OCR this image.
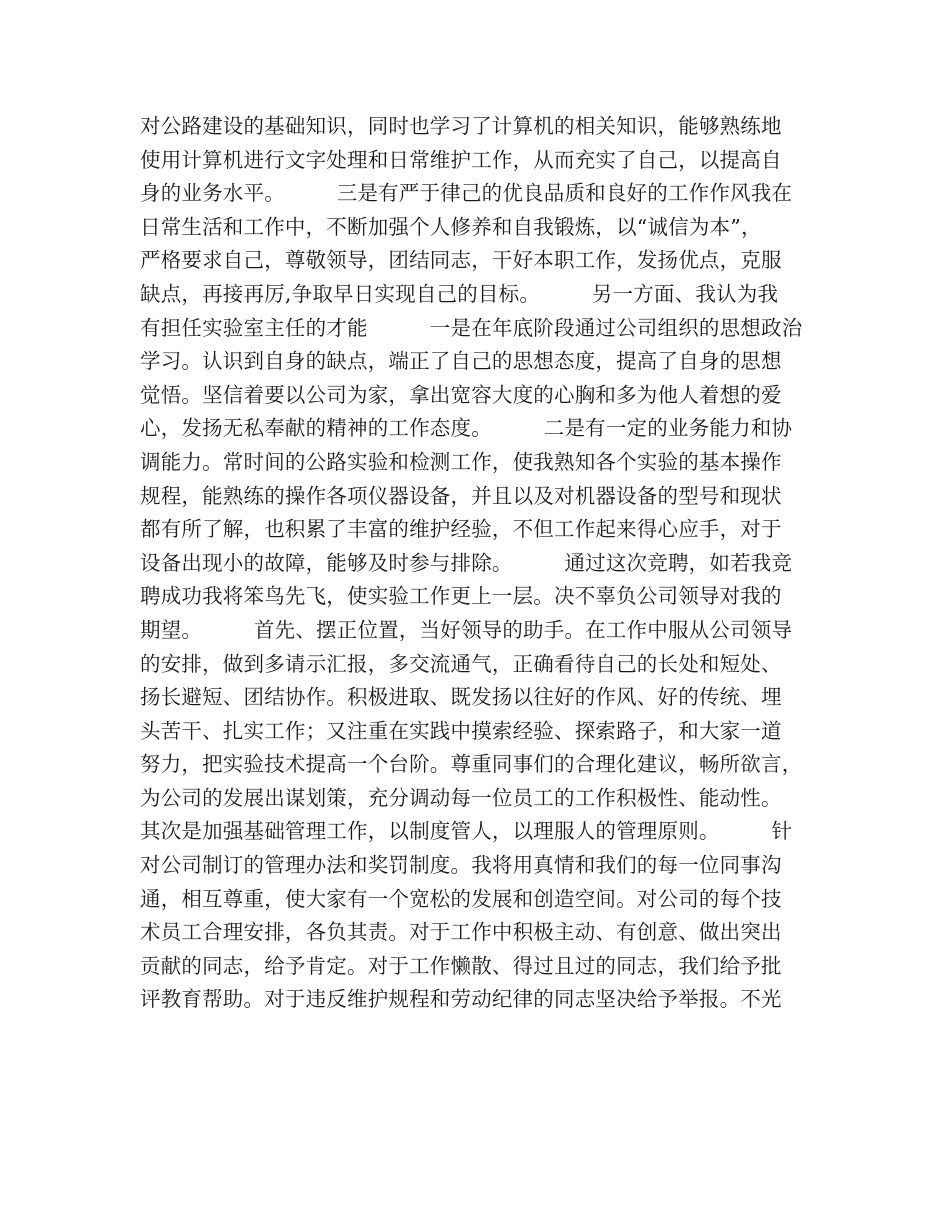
对公路建设的基础知识，同时也学习了计算机的相关知识，能够熟练地
使用计算机进行文字处理和日常维护工作，从而充实了自己，以提高自
身的业务水平。　　　三是有严于律己的优良品质和良好的工作作风我在
日常生活和工作中，不断加强个人修养和自我锻炼，以“诚信为本”，
严格要求自己，尊敬领导，团结同志，干好本职工作，发扬优点，克服
缺点，再接再厉,争取早日实现自己的目标。　　　另一方面、我认为我
有担任实验室主任的才能　　　一是在年底阶段通过公司组织的思想政治
学习。认识到自身的缺点，端正了自己的思想态度，提高了自身的思想
觉悟。坚信着要以公司为家，拿出宽容大度的心胸和多为他人着想的爱
心，发扬无私奉献的精神的工作态度。　　　二是有一定的业务能力和协
调能力。常时间的公路实验和检测工作，使我熟知各个实验的基本操作
规程，能熟练的操作各项仪器设备，并且以及对机器设备的型号和现状
都有所了解，也积累了丰富的维护经验，不但工作起来得心应手，对于
设备出现小的故障，能够及时参与排除。　　　通过这次竞聘，如若我竞
聘成功我将笨鸟先飞，使实验工作更上一层。决不辜负公司领导对我的
期望。　　　首先、摆正位置，当好领导的助手。在工作中服从公司领导
的安排，做到多请示汇报，多交流通气，正确看待自己的长处和短处、
扬长避短、团结协作。积极进取、既发扬以往好的作风、好的传统、埋
头苦干、扎实工作；又注重在实践中摸索经验、探索路子，和大家一道
努力，把实验技术提高一个台阶。尊重同事们的合理化建议，畅所欲言，
为公司的发展出谋划策，充分调动每一位员工的工作积极性、能动性。
其次是加强基础管理工作，以制度管人，以理服人的管理原则。　　　针
对公司制订的管理办法和奖罚制度。我将用真情和我们的每一位同事沟
通，相互尊重，使大家有一个宽松的发展和创造空间。对公司的每个技
术员工合理安排，各负其责。对于工作中积极主动、有创意、做出突出
贡献的同志，给予肯定。对于工作懒散、得过且过的同志，我们给予批
评教育帮助。对于违反维护规程和劳动纪律的同志坚决给予举报。不光
